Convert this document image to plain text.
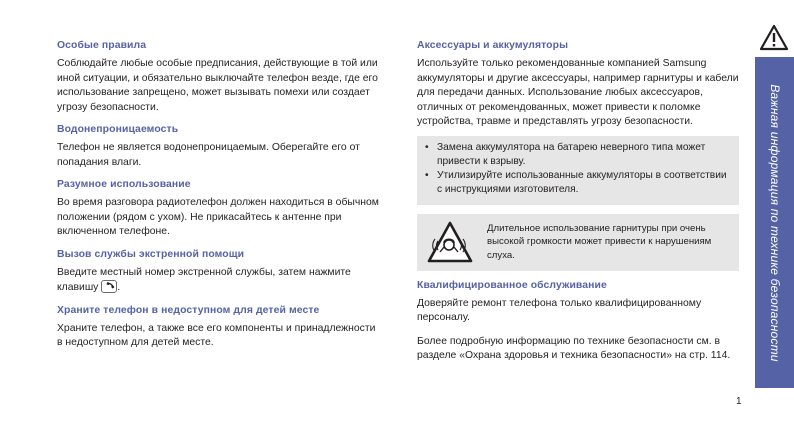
Особые правила
Соблюдайте любые особые предписания, действующие в той или иной ситуации, и обязательно выключайте телефон везде, где его использование запрещено, может вызывать помехи или создает угрозу безопасности.
Водонепроницаемость
Телефон не является водонепроницаемым. Оберегайте его от попадания влаги.
Разумное использование
Во время разговора радиотелефон должен находиться в обычном положении (рядом с ухом). Не прикасайтесь к антенне при включенном телефоне.
Вызов службы экстренной помощи
Введите местный номер экстренной службы, затем нажмите клавишу .
Храните телефон в недоступном для детей месте
Храните телефон, а также все его компоненты и принадлежности в недоступном для детей месте.
Аксессуары и аккумуляторы
Используйте только рекомендованные компанией Samsung аккумуляторы и другие аксессуары, например гарнитуры и кабели для передачи данных. Использование любых аксессуаров, отличных от рекомендованных, может привести к поломке устройства, травме и представлять угрозу безопасности.
• Замена аккумулятора на батарею неверного типа может привести к взрыву.
• Утилизируйте использованные аккумуляторы в соответствии с инструкциями изготовителя.
Длительное использование гарнитуры при очень высокой громкости может привести к нарушениям слуха.
Квалифицированное обслуживание
Доверяйте ремонт телефона только квалифицированному персоналу.
Более подробную информацию по технике безопасности см. в разделе «Охрана здоровья и техника безопасности» на стр. 114.	Важная информация по технике безопасности
1
